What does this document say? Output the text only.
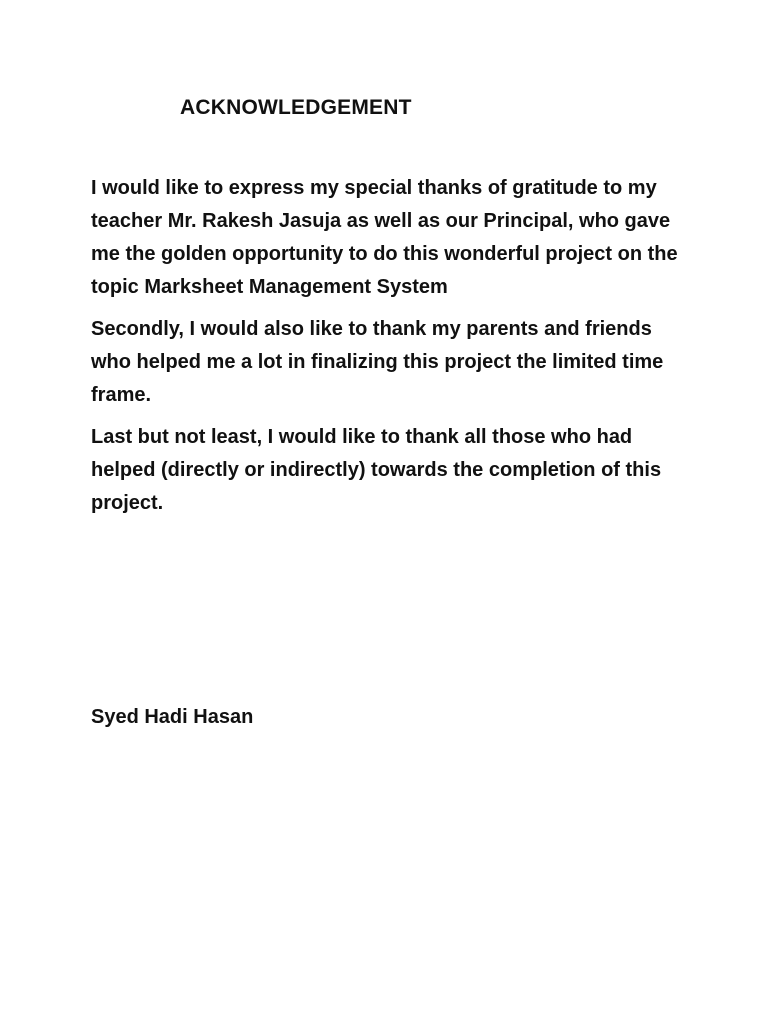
ACKNOWLEDGEMENT

I would like to express my special thanks of gratitude to my teacher Mr. Rakesh Jasuja as well as our Principal, who gave me the golden opportunity to do this wonderful project on the topic Marksheet Management System

Secondly, I would also like to thank my parents and friends who helped me a lot in finalizing this project the limited time frame.

Last but not least, I would like to thank all those who had helped (directly or indirectly) towards the completion of this project.

Syed Hadi Hasan
